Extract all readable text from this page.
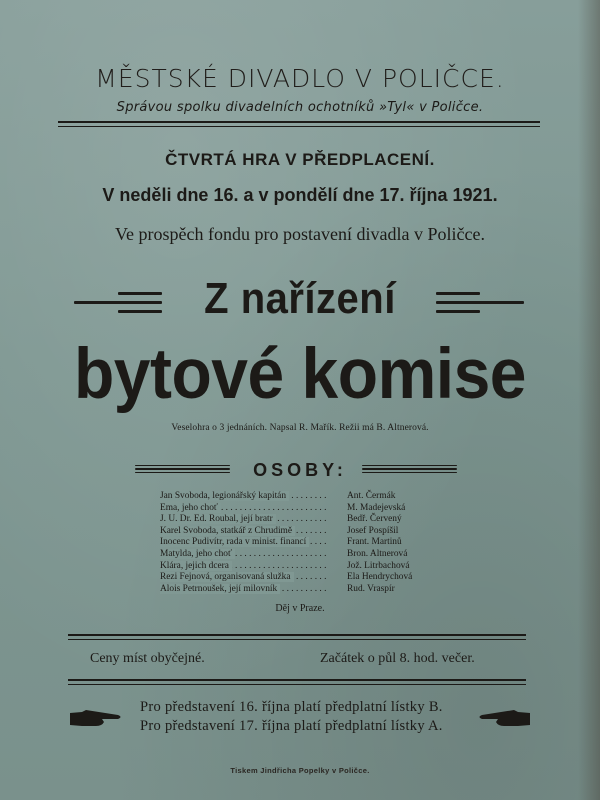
MĚSTSKÉ DIVADLO V POLIČCE.
Správou spolku divadelních ochotníků »Tyl« v Poličce.
ČTVRTÁ HRA V PŘEDPLACENÍ.
V neděli dne 16. a v pondělí dne 17. října 1921.
Ve prospěch fondu pro postavení divadla v Poličce.
Z nařízení
bytové komise
Veselohra o 3 jednáních. Napsal R. Mařík. Režii má B. Altnerová.
OSOBY:
Jan Svoboda, legionářský kapitán . . .	Ant. Čermák
Ema, jeho choť . . .	M. Madejevská
J. U. Dr. Ed. Roubal, její bratr . . .	Bedř. Červený
Karel Svoboda, statkář z Chrudimě . . .	Josef Pospíšil
Inocenc Pudivítr, rada v minist. financí . . .	Frant. Martinů
Matylda, jeho choť . . .	Bron. Altnerová
Klára, jejich dcera . . .	Jož. Litrbachová
Rezi Fejnová, organisovaná služka . . .	Ela Hendrychová
Alois Petrnoušek, její milovník . . .	Rud. Vraspír
Děj v Praze.
Ceny míst obyčejné.	Začátek o půl 8. hod. večer.
Pro představení 16. října platí předplatní lístky B.
Pro představení 17. října platí předplatní lístky A.
Tiskem Jindřicha Popelky v Poličce.
